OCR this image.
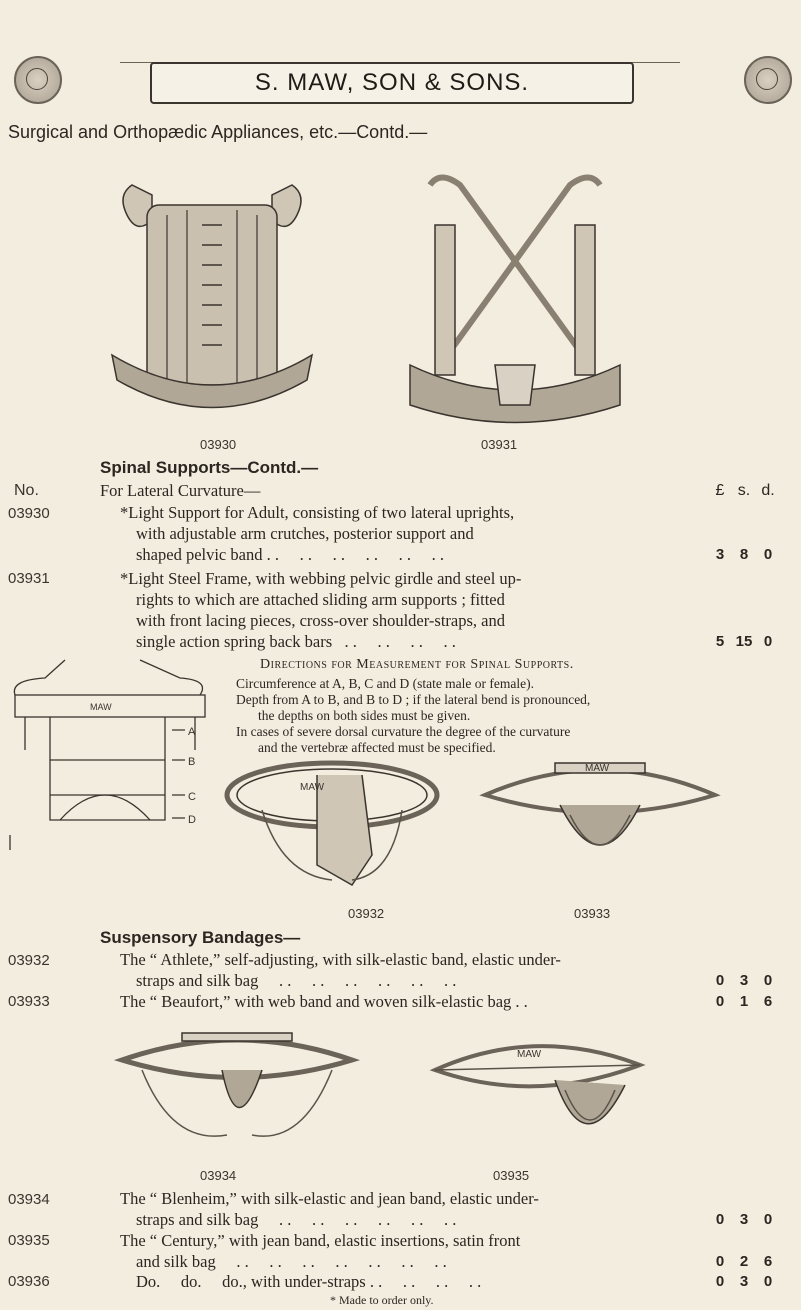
S. MAW, SON & SONS.
Surgical and Orthopædic Appliances, etc.—Contd.—
03930	03931
Spinal Supports—Contd.—
No.	For Lateral Curvature—	£ s. d.
03930	*Light Support for Adult, consisting of two lateral uprights,
with adjustable arm crutches, posterior support and
shaped pelvic band . .     . .     . .     . .     . .     . .	3 8 0
03931	*Light Steel Frame, with webbing pelvic girdle and steel up-
rights to which are attached sliding arm supports ; fitted
with front lacing pieces, cross-over shoulder-straps, and
single action spring back bars   . .     . .     . .     . .	5 15 0
Directions for Measurement for Spinal Supports.
Circumference at A, B, C and D (state male or female).
Depth from A to B, and B to D ; if the lateral bend is pronounced,
the depths on both sides must be given.
In cases of severe dorsal curvature the degree of the curvature
and the vertebræ affected must be specified.
MAW
A
B
C
D
MAW
03932
MAW
03933
Suspensory Bandages—
03932	The “ Athlete,” self-adjusting, with silk-elastic band, elastic under-
straps and silk bag     . .     . .     . .     . .     . .     . .	0 3 0
03933	The “ Beaufort,” with web band and woven silk-elastic bag . .	0 1 6
03934
MAW
03935
03934	The “ Blenheim,” with silk-elastic and jean band, elastic under-
straps and silk bag     . .     . .     . .     . .     . .     . .	0 3 0
03935	The “ Century,” with jean band, elastic insertions, satin front
and silk bag     . .     . .     . .     . .     . .     . .     . .	0 2 6
03936	Do.     do.     do., with under-straps . .     . .     . .     . .	0 3 0
* Made to order only.
